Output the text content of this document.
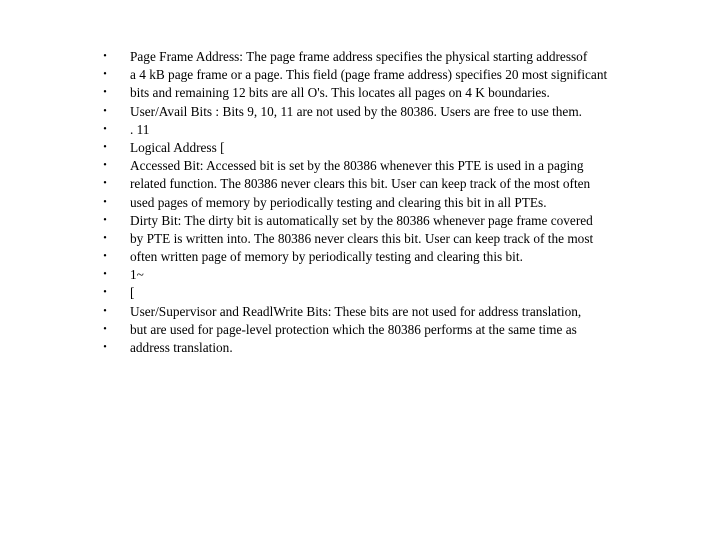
• Page Frame Address: The page frame address specifies the physical starting addressof
• a 4 kB page frame or a page. This field (page frame address) specifies 20 most significant
• bits and remaining 12 bits are all O's. This locates all pages on 4 K boundaries.
• User/Avail Bits : Bits 9, 10, 11 are not used by the 80386. Users are free to use them.
• . 11
• Logical Address [
• Accessed Bit: Accessed bit is set by the 80386 whenever this PTE is used in a paging
• related function. The 80386 never clears this bit. User can keep track of the most often
• used pages of memory by periodically testing and clearing this bit in all PTEs.
• Dirty Bit: The dirty bit is automatically set by the 80386 whenever page frame covered
• by PTE is written into. The 80386 never clears this bit. User can keep track of the most
• often written page of memory by periodically testing and clearing this bit.
• 1~
• [
• User/Supervisor and ReadlWrite Bits: These bits are not used for address translation,
• but are used for page-level protection which the 80386 performs at the same time as
• address translation.
